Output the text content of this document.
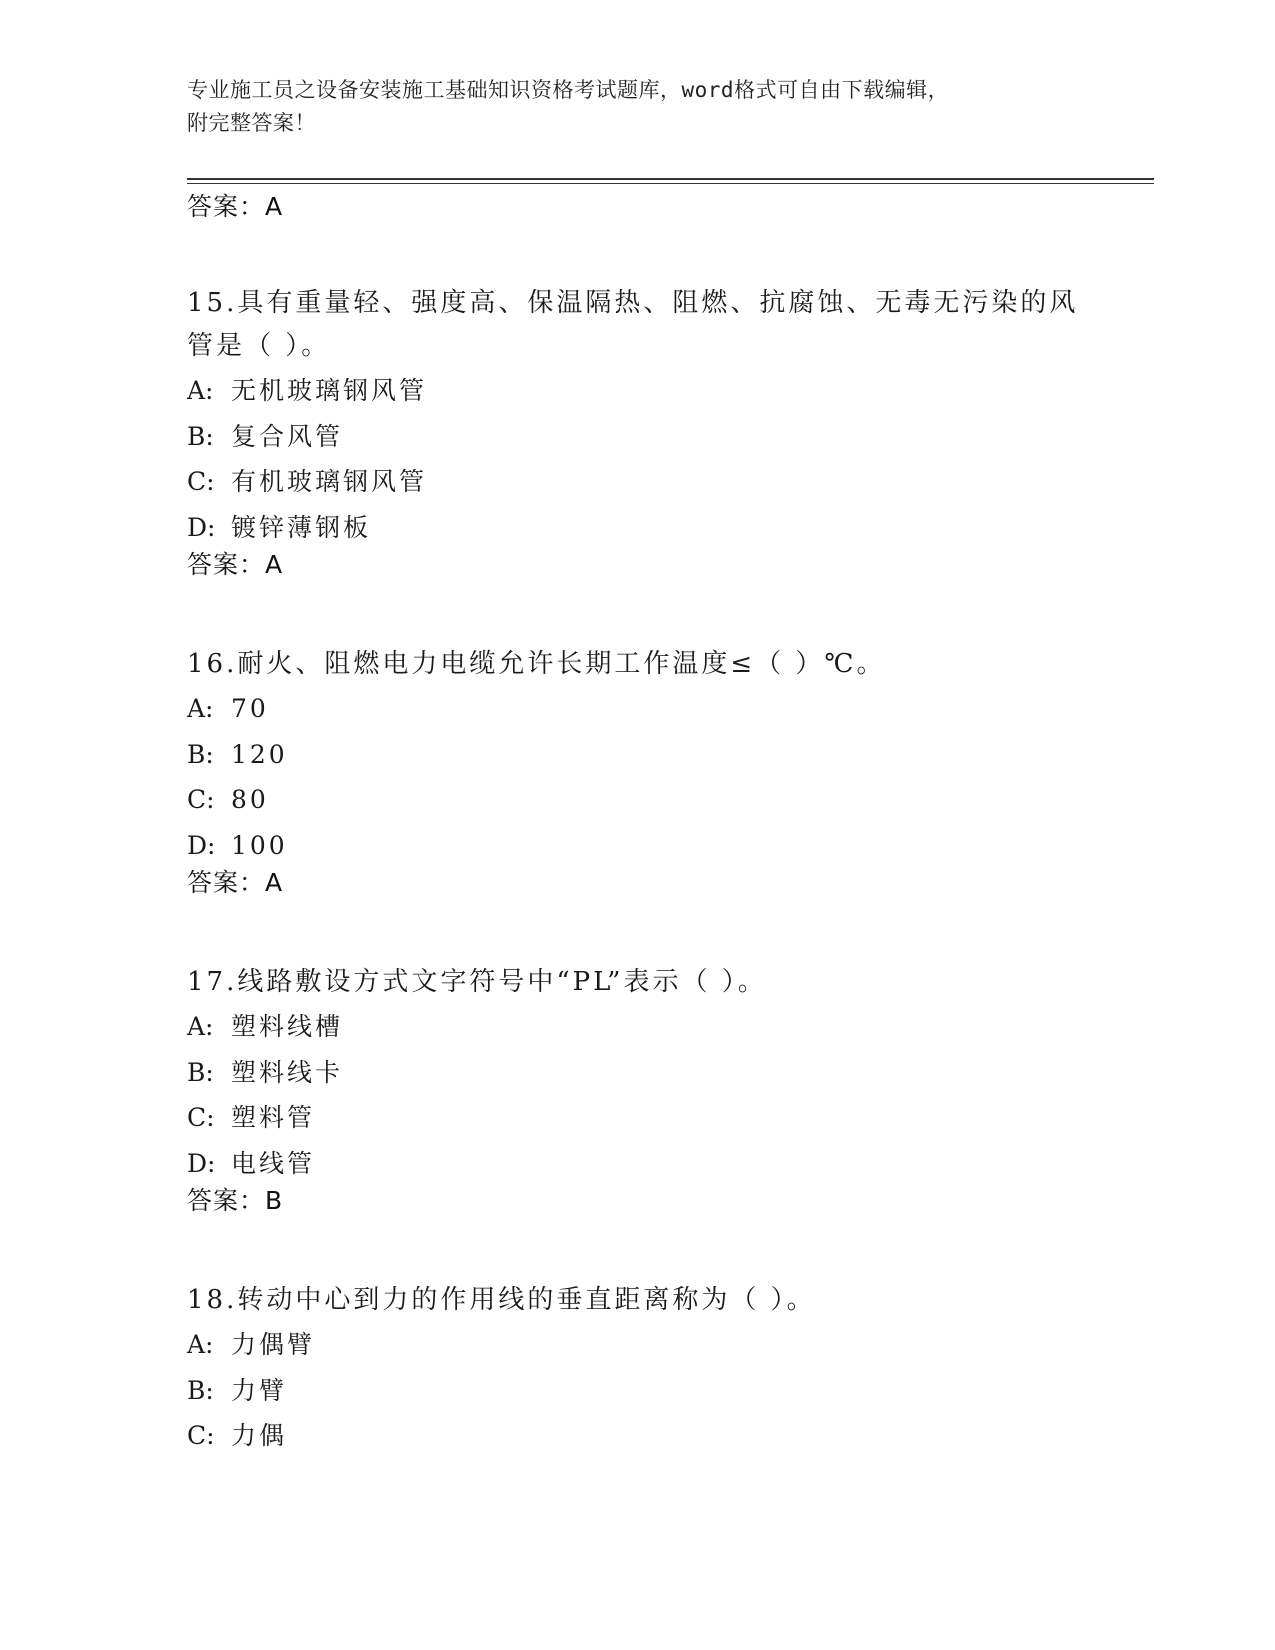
专业施工员之设备安装施工基础知识资格考试题库，word格式可自由下载编辑，
附完整答案！
答案：A
15.具有重量轻、强度高、保温隔热、阻燃、抗腐蚀、无毒无污染的风
管是（ ）。
A: 无机玻璃钢风管
B: 复合风管
C: 有机玻璃钢风管
D: 镀锌薄钢板
答案：A
16.耐火、阻燃电力电缆允许长期工作温度≤（ ）℃。
A: 70
B: 120
C: 80
D: 100
答案：A
17.线路敷设方式文字符号中“PL”表示（ ）。
A: 塑料线槽
B: 塑料线卡
C: 塑料管
D: 电线管
答案：B
18.转动中心到力的作用线的垂直距离称为（ ）。
A: 力偶臂
B: 力臂
C: 力偶
